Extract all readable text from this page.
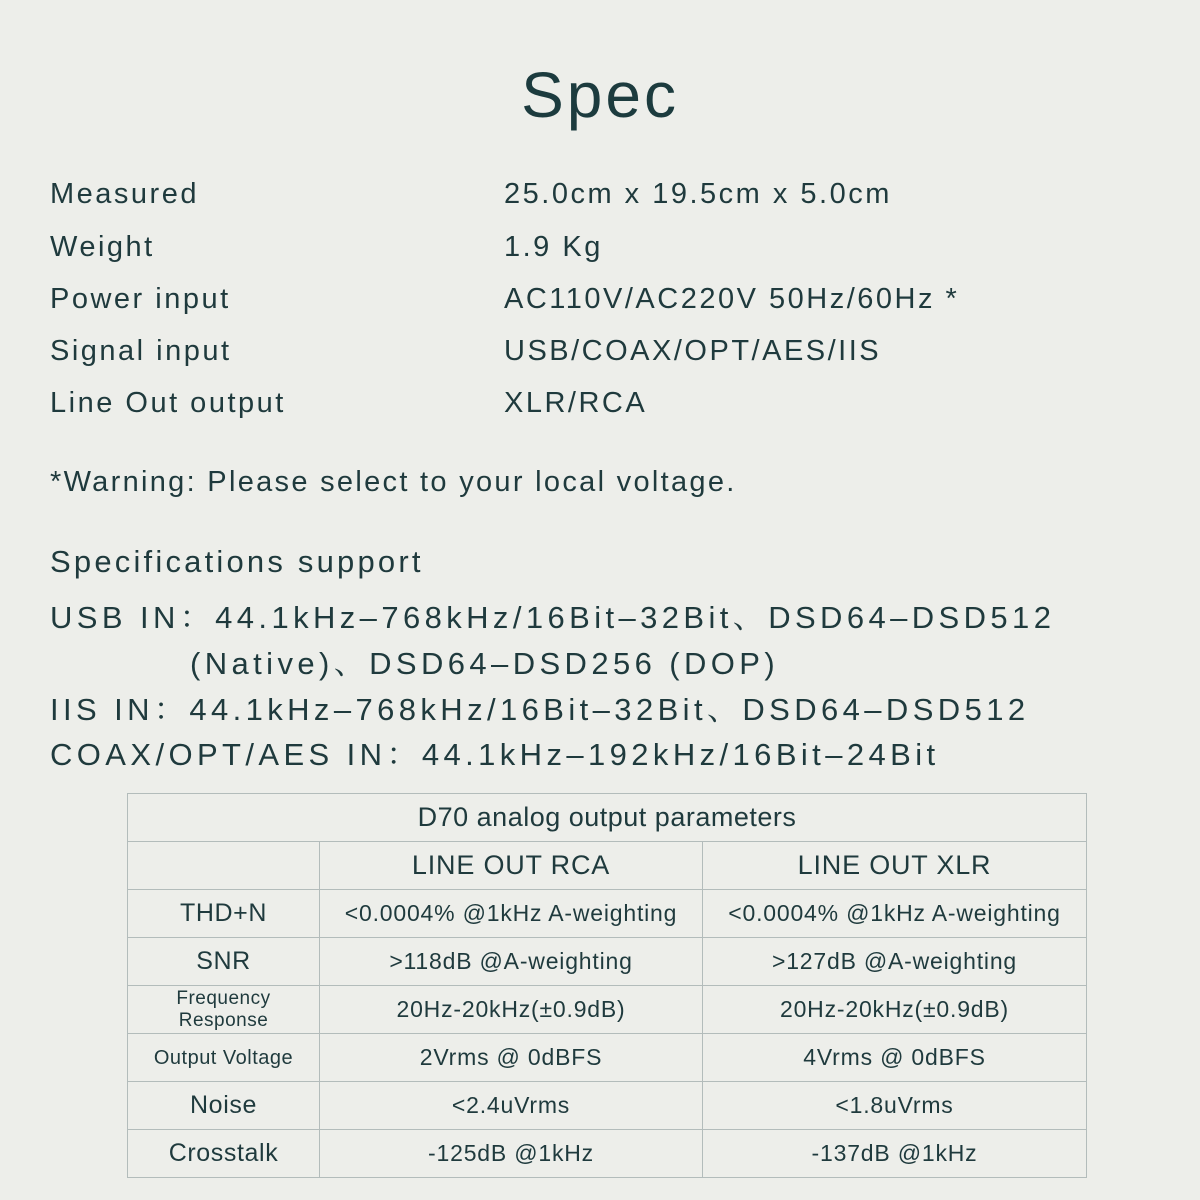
Spec
Measured	25.0cm x 19.5cm x 5.0cm
Weight	1.9 Kg
Power input	AC110V/AC220V 50Hz/60Hz *
Signal input	USB/COAX/OPT/AES/IIS
Line Out output	XLR/RCA
*Warning: Please select to your local voltage.
Specifications support
USB IN：44.1kHz–768kHz/16Bit–32Bit、DSD64–DSD512
(Native)、DSD64–DSD256 (DOP)
IIS IN：44.1kHz–768kHz/16Bit–32Bit、DSD64–DSD512
COAX/OPT/AES IN：44.1kHz–192kHz/16Bit–24Bit
D70 analog output parameters		
	LINE OUT RCA	LINE OUT XLR
THD+N	<0.0004% @1kHz A-weighting	<0.0004% @1kHz A-weighting
SNR	>118dB @A-weighting	>127dB @A-weighting

Frequency
Response	20Hz-20kHz(±0.9dB)	20Hz-20kHz(±0.9dB)
Output Voltage	2Vrms @ 0dBFS	4Vrms @ 0dBFS
Noise	<2.4uVrms	<1.8uVrms
Crosstalk	-125dB @1kHz	-137dB @1kHz
